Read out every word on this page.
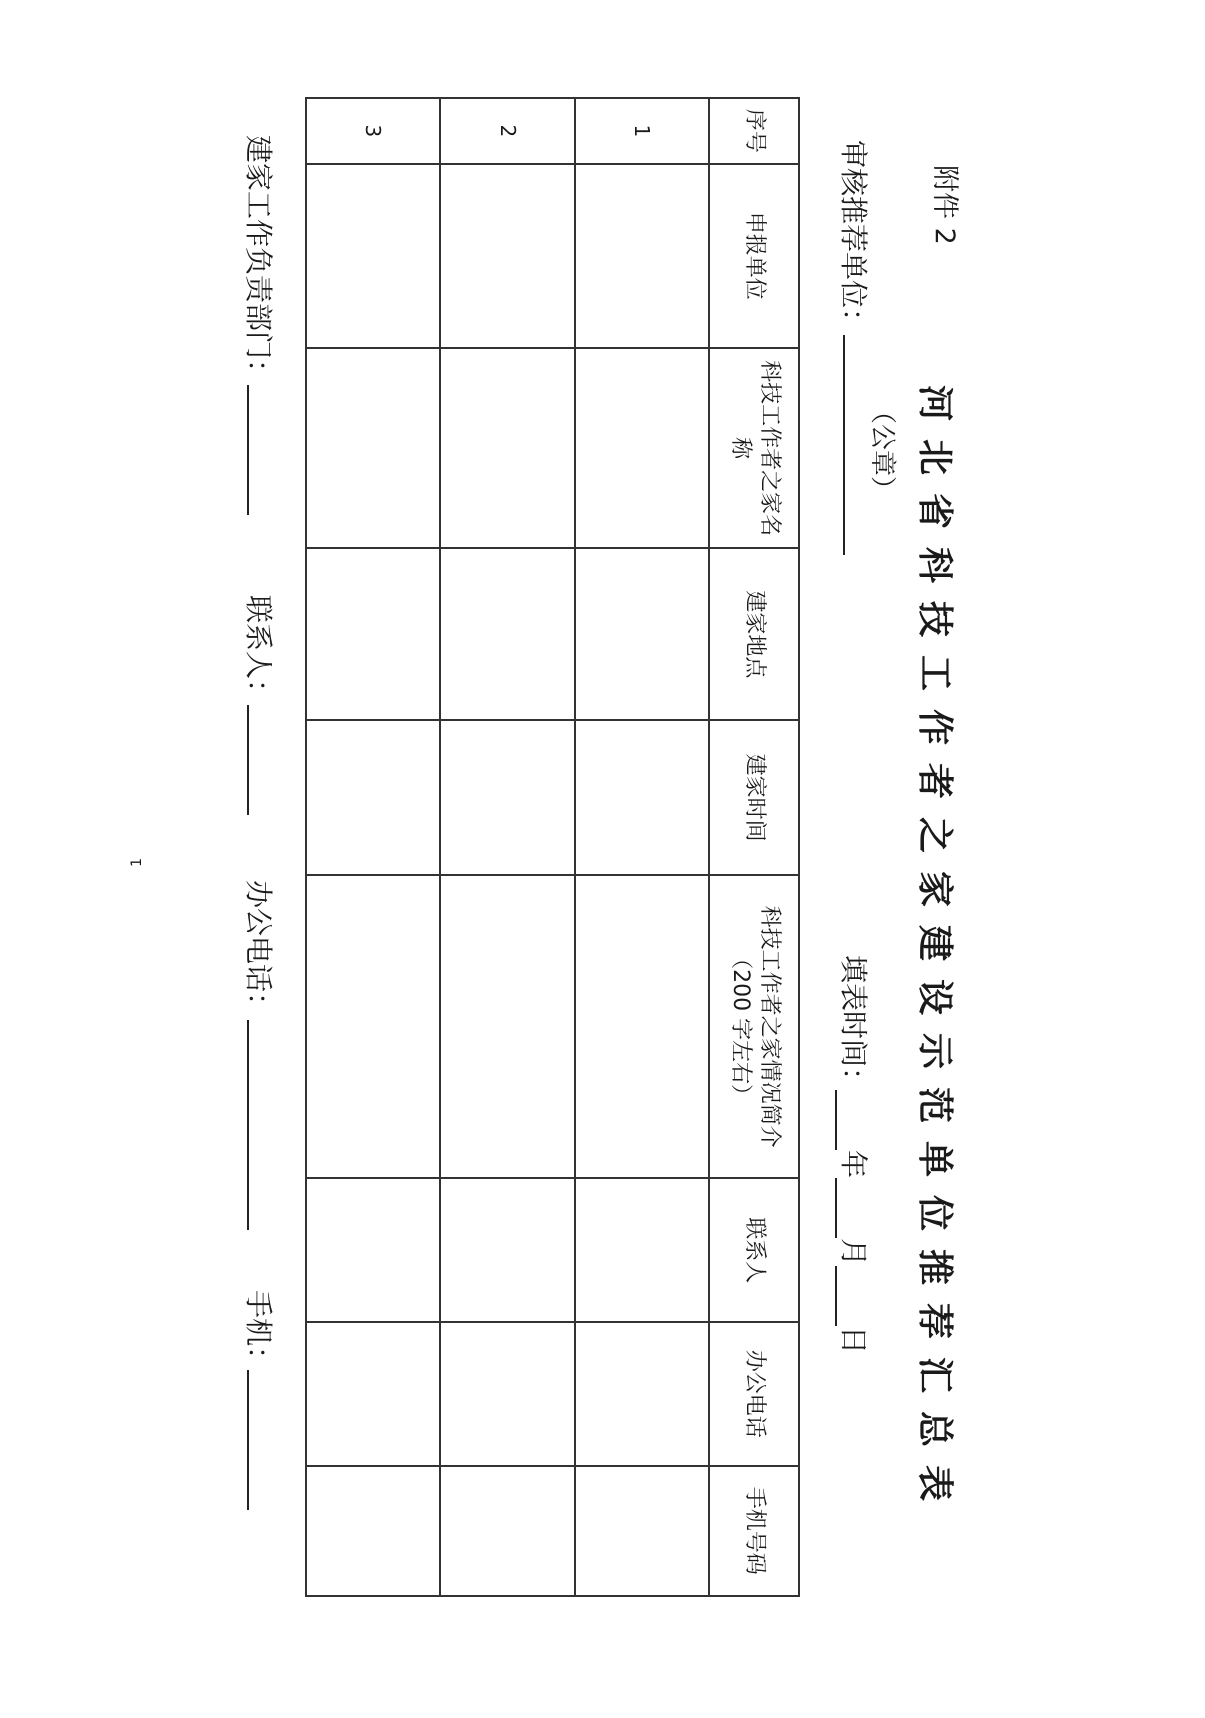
附件 2
河北省科技工作者之家建设示范单位推荐汇总表
审核推荐单位：
（公章）
填表时间：
年月日
序号	申报单位	科技工作者之家名称	建家地点	建家时间	科技工作者之家情况简介（200 字左右）	联系人	办公电话	手机号码
1								
2								
3								
建家工作负责部门：
联系人：
办公电话：
手机：
1
